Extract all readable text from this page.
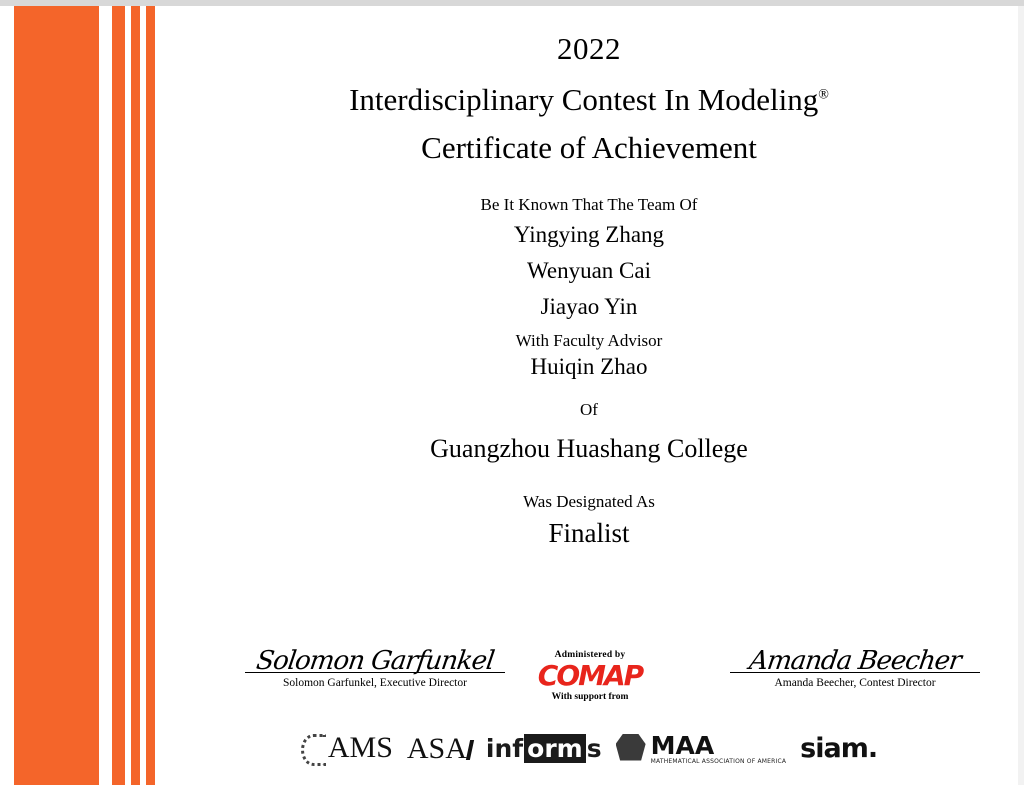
2022
Interdisciplinary Contest In Modeling®
Certificate of Achievement
Be It Known That The Team Of
Yingying Zhang
Wenyuan Cai
Jiayao Yin
With Faculty Advisor
Huiqin Zhao
Of
Guangzhou Huashang College
Was Designated As
Finalist
Solomon Garfunkel
Solomon Garfunkel, Executive Director
Amanda Beecher
Amanda Beecher, Contest Director
Administered by
COMAP
With support from
AMS ASA inf orm s MAA
MATHEMATICAL ASSOCIATION OF AMERICA siam.
